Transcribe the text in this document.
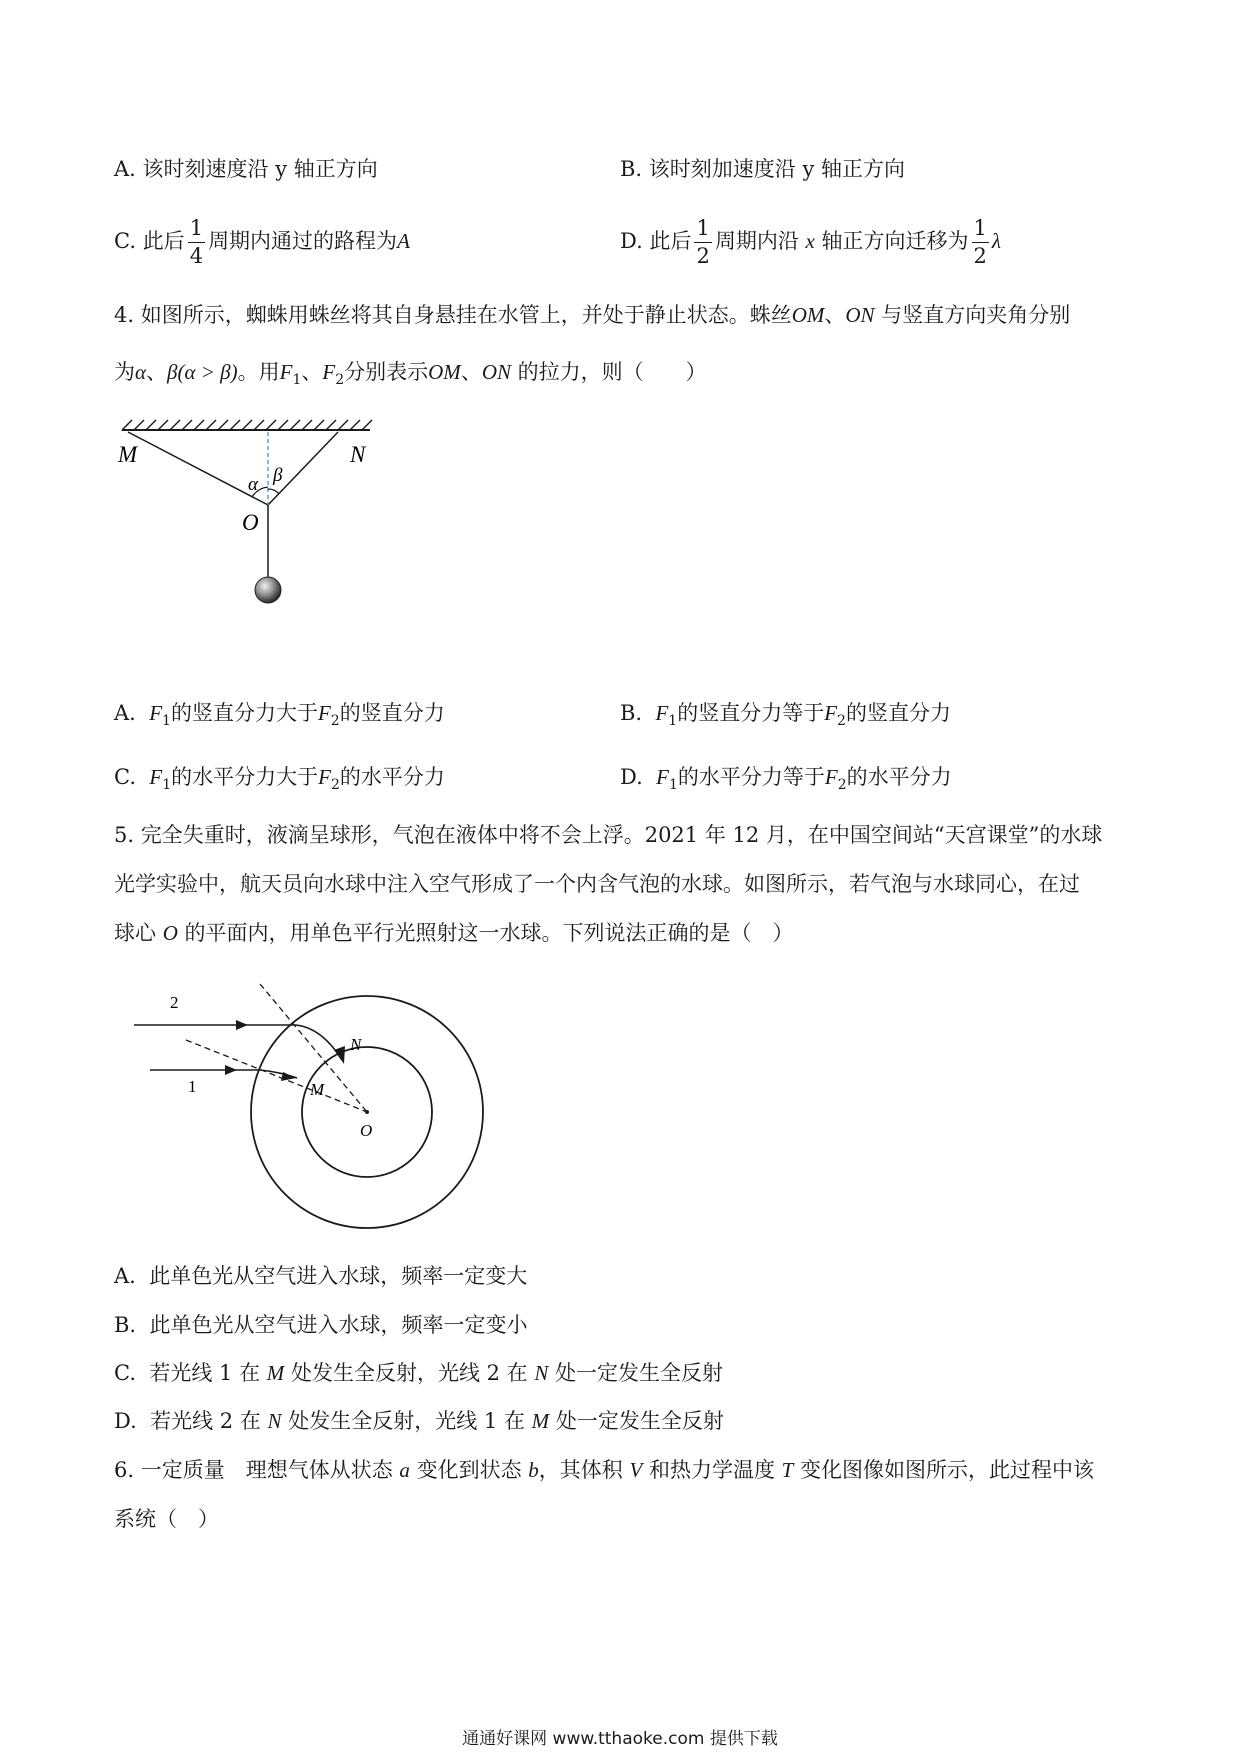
A. 该时刻速度沿 y 轴正方向	B. 该时刻加速度沿 y 轴正方向
C. 此后 $\frac{1}{4}$ 周期内通过的路程为A	D. 此后 $\frac{1}{2}$ 周期内沿 x 轴正方向迁移为 $\frac{1}{2}$ λ
4. 如图所示，蜘蛛用蛛丝将其自身悬挂在水管上，并处于静止状态。蛛丝OM、ON 与竖直方向夹角分别
为α、β(α > β)。用$F_1$、$F_2$分别表示OM、ON 的拉力，则（　　）
M	N
O
α β
A. $F_1$的竖直分力大于$F_2$的竖直分力	B. $F_1$的竖直分力等于$F_2$的竖直分力
C. $F_1$的水平分力大于$F_2$的水平分力	D. $F_1$的水平分力等于$F_2$的水平分力
5. 完全失重时，液滴呈球形，气泡在液体中将不会上浮。2021 年 12 月，在中国空间站“天宫课堂”的水球
光学实验中，航天员向水球中注入空气形成了一个内含气泡的水球。如图所示，若气泡与水球同心，在过
球心 O 的平面内，用单色平行光照射这一水球。下列说法正确的是（　）
2
1
N
M
O
A. 此单色光从空气进入水球，频率一定变大
B. 此单色光从空气进入水球，频率一定变小
C. 若光线 1 在 M 处发生全反射，光线 2 在 N 处一定发生全反射
D. 若光线 2 在 N 处发生全反射，光线 1 在 M 处一定发生全反射
6. 一定质量　理想气体从状态 a 变化到状态 b，其体积 V 和热力学温度 T 变化图像如图所示，此过程中该
系统（　）
通通好课网 www.tthaoke.com 提供下载
